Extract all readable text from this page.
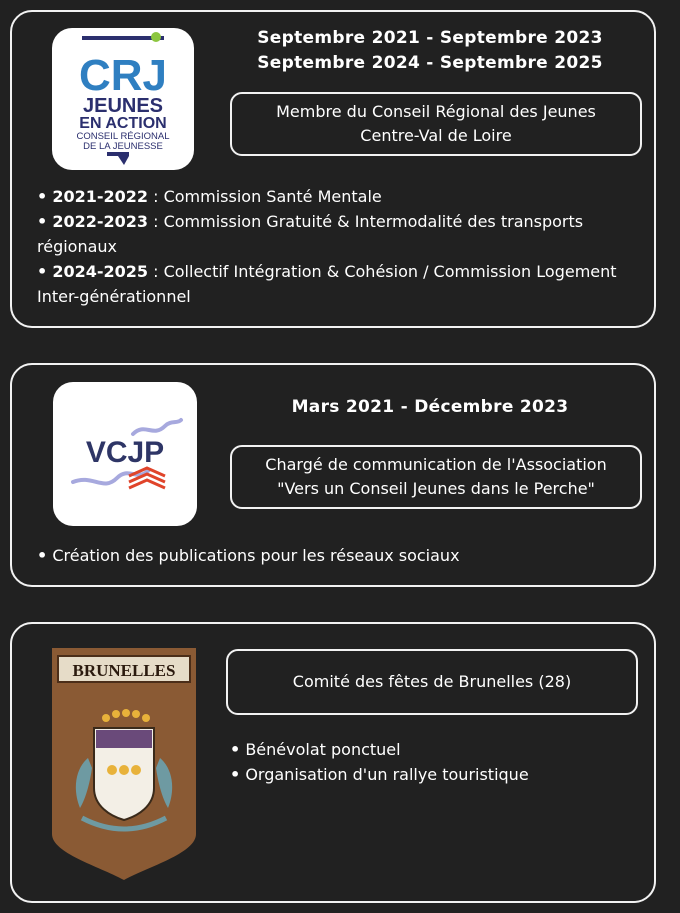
CRJ
JEUNES
EN ACTION
CONSEIL RÉGIONAL
DE LA JEUNESSE
Septembre 2021 - Septembre 2023
Septembre 2024 - Septembre 2025
Membre du Conseil Régional des Jeunes
Centre-Val de Loire
• 2021-2022 : Commission Santé Mentale
• 2022-2023 : Commission Gratuité & Intermodalité des transports régionaux
• 2024-2025 : Collectif Intégration & Cohésion / Commission Logement Inter-générationnel
VCJP
Mars 2021 - Décembre 2023
Chargé de communication de l'Association
"Vers un Conseil Jeunes dans le Perche"
• Création des publications pour les réseaux sociaux
BRUNELLES
Comité des fêtes de Brunelles (28)
• Bénévolat ponctuel
• Organisation d'un rallye touristique
